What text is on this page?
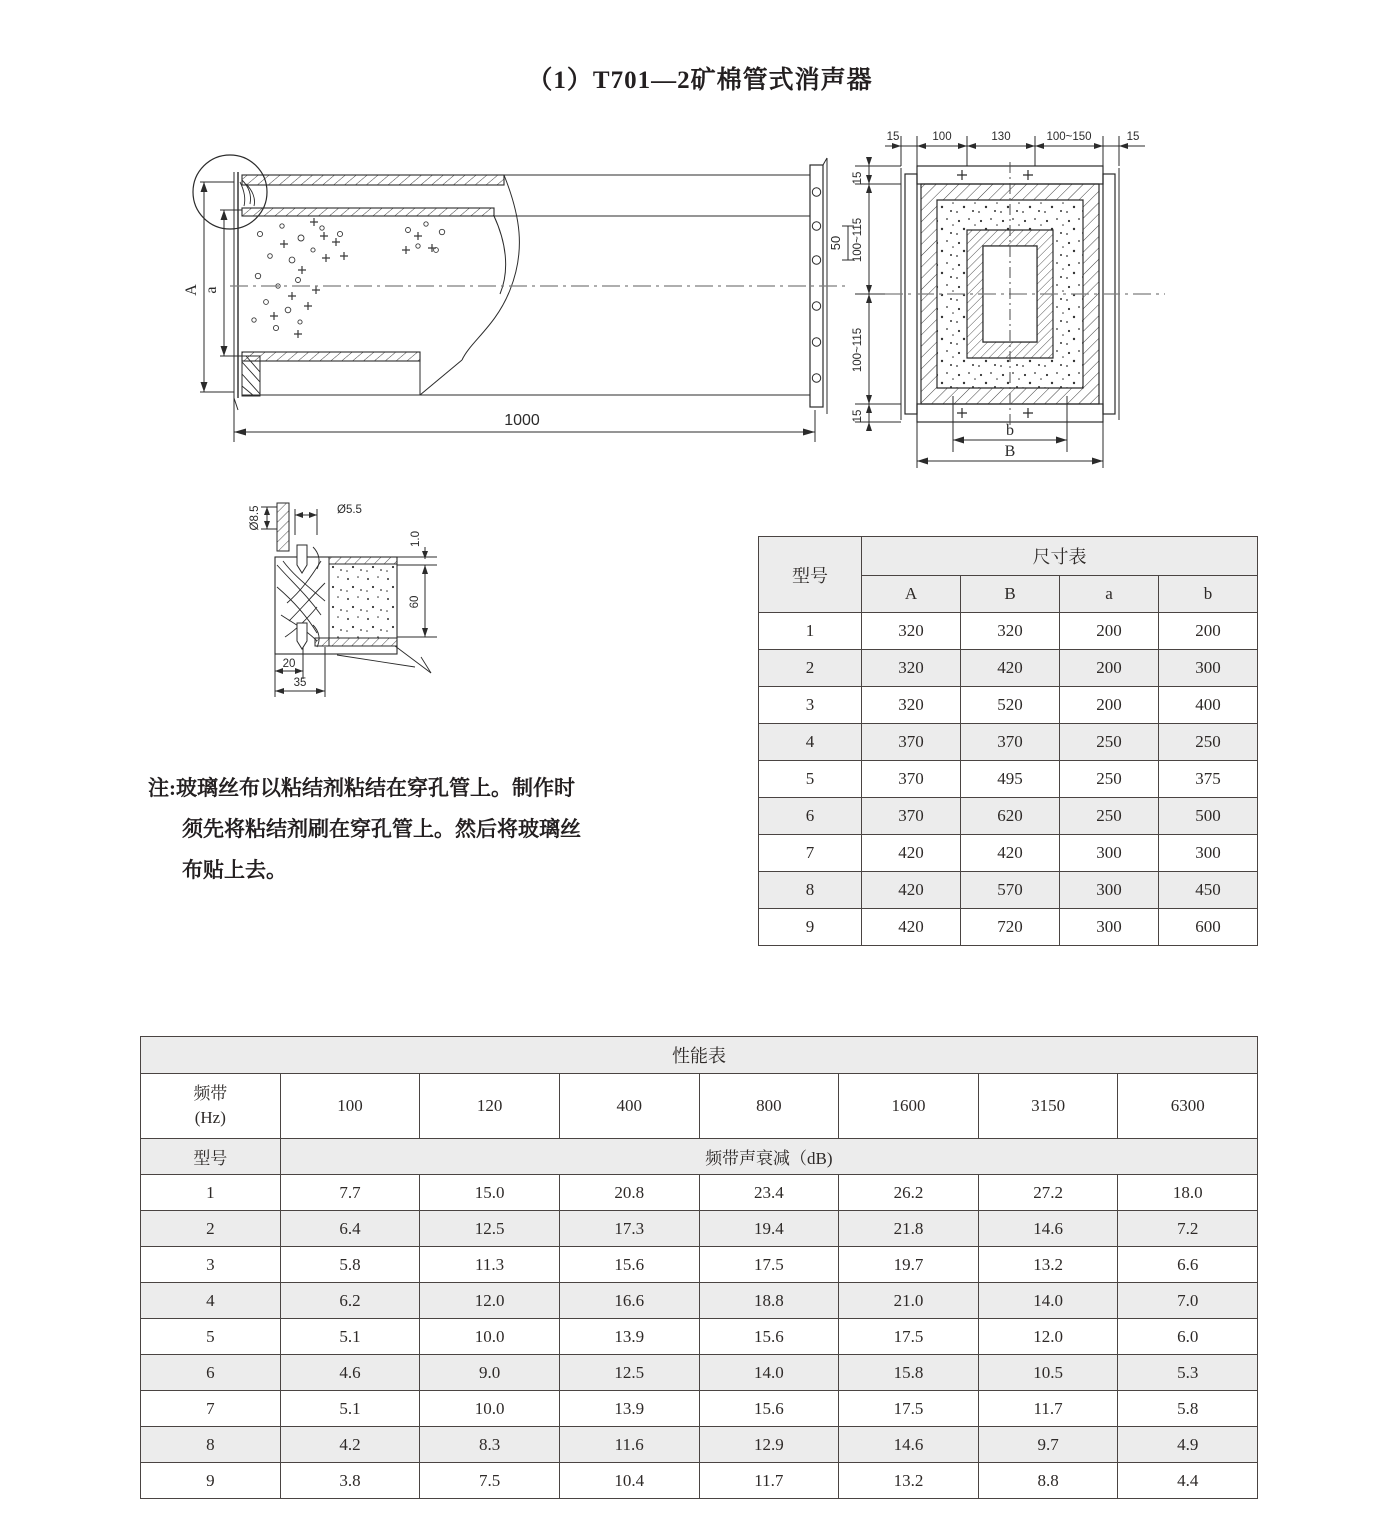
（1）T701—2矿棉管式消声器
A a
1000
50
15	100	130	100~150	15
15
100~115
100~115
15
b
B
Ø8.5	Ø5.5
1.0
60
20
35
注:玻璃丝布以粘结剂粘结在穿孔管上。制作时
须先将粘结剂刷在穿孔管上。然后将玻璃丝
布贴上去。
型号	尺寸表			
	A	B	a	b
1	320	320	200	200
2	320	420	200	300
3	320	520	200	400
4	370	370	250	250
5	370	495	250	375
6	370	620	250	500
7	420	420	300	300
8	420	570	300	450
9	420	720	300	600
性能表							
频带
(Hz)	100	120	400	800	1600	3150	6300
型号	频带声衰减（dB)						
1	7.7	15.0	20.8	23.4	26.2	27.2	18.0
2	6.4	12.5	17.3	19.4	21.8	14.6	7.2
3	5.8	11.3	15.6	17.5	19.7	13.2	6.6
4	6.2	12.0	16.6	18.8	21.0	14.0	7.0
5	5.1	10.0	13.9	15.6	17.5	12.0	6.0
6	4.6	9.0	12.5	14.0	15.8	10.5	5.3
7	5.1	10.0	13.9	15.6	17.5	11.7	5.8
8	4.2	8.3	11.6	12.9	14.6	9.7	4.9
9	3.8	7.5	10.4	11.7	13.2	8.8	4.4
